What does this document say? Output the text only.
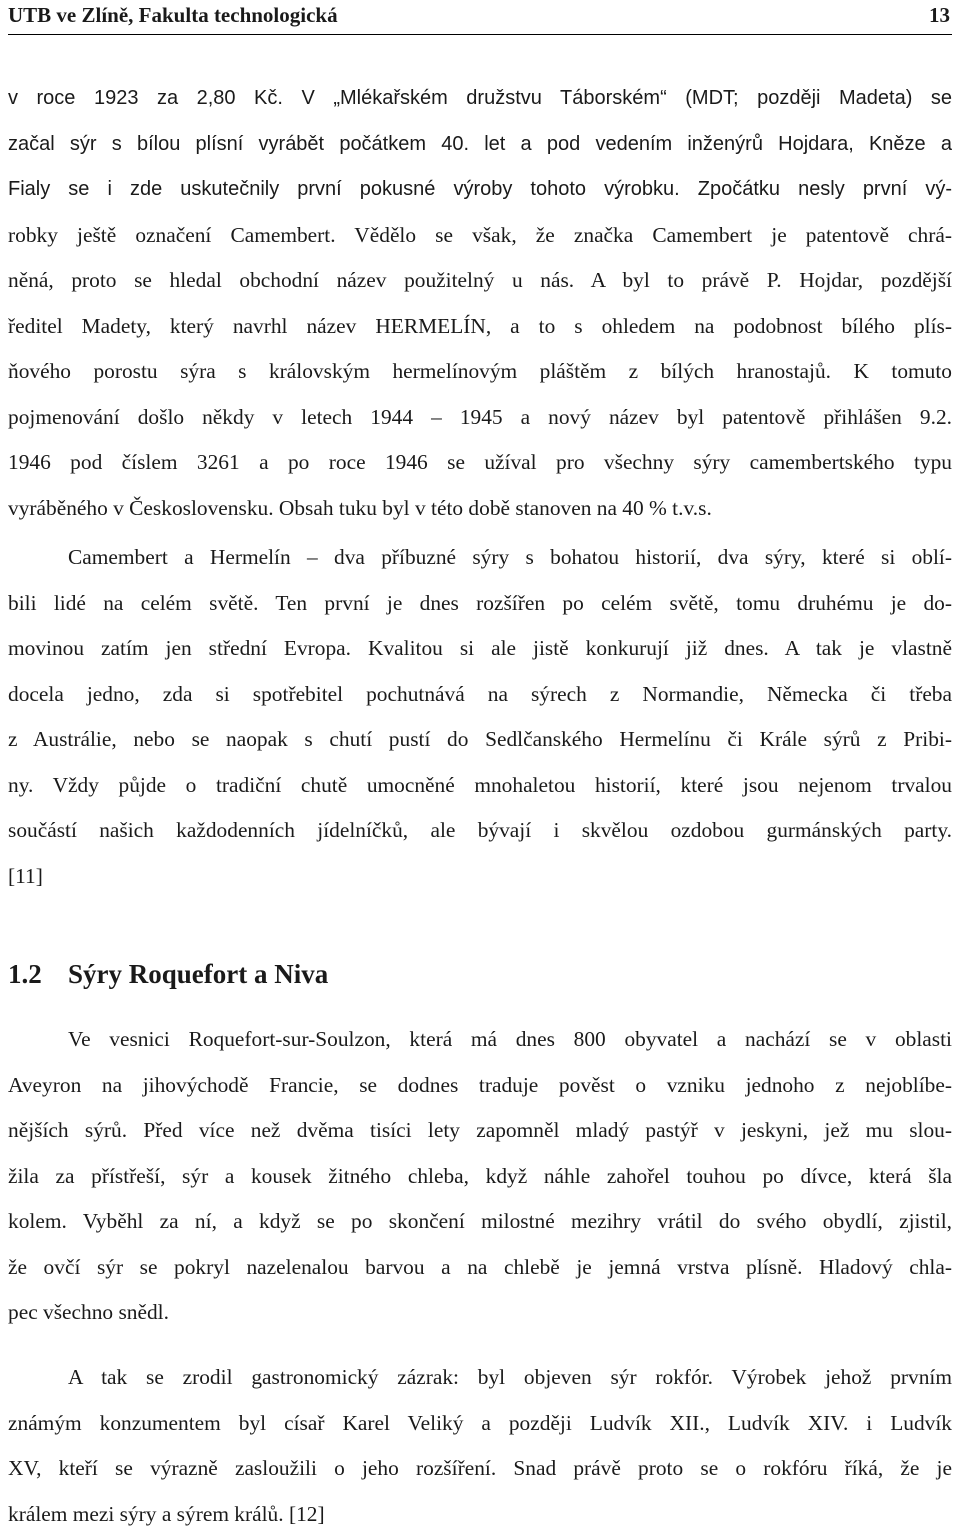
UTB ve Zlíně, Fakulta technologická	13
v roce 1923 za 2,80 Kč. V „Mlékařském družstvu Táborském“ (MDT; později Madeta) se
začal sýr s bílou plísní vyrábět počátkem 40. let a pod vedením inženýrů Hojdara, Kněze a
Fialy se i zde uskutečnily první pokusné výroby tohoto výrobku. Zpočátku nesly první vý-
robky ještě označení Camembert. Vědělo se však, že značka Camembert je patentově chrá-
něná, proto se hledal obchodní název použitelný u nás. A byl to právě P. Hojdar, pozdější
ředitel Madety, který navrhl název HERMELÍN, a to s ohledem na podobnost bílého plís-
ňového porostu sýra s královským hermelínovým pláštěm z bílých hranostajů. K tomuto
pojmenování došlo někdy v letech 1944 – 1945 a nový název byl patentově přihlášen 9.2.
1946 pod číslem 3261 a po roce 1946 se užíval pro všechny sýry camembertského typu
vyráběného v Československu. Obsah tuku byl v této době stanoven na 40 % t.v.s.
Camembert a Hermelín – dva příbuzné sýry s bohatou historií, dva sýry, které si oblí-
bili lidé na celém světě. Ten první je dnes rozšířen po celém světě, tomu druhému je do-
movinou zatím jen střední Evropa. Kvalitou si ale jistě konkurují již dnes. A tak je vlastně
docela jedno, zda si spotřebitel pochutnává na sýrech z Normandie, Německa či třeba
z Austrálie, nebo se naopak s chutí pustí do Sedlčanského Hermelínu či Krále sýrů z Pribi-
ny. Vždy půjde o tradiční chutě umocněné mnohaletou historií, které jsou nejenom trvalou
součástí našich každodenních jídelníčků, ale bývají i skvělou ozdobou gurmánských party.
[11]
1.2 Sýry Roquefort a Niva
Ve vesnici Roquefort-sur-Soulzon, která má dnes 800 obyvatel a nachází se v oblasti
Aveyron na jihovýchodě Francie, se dodnes traduje pověst o vzniku jednoho z nejoblíbe-
nějších sýrů. Před více než dvěma tisíci lety zapomněl mladý pastýř v jeskyni, jež mu slou-
žila za přístřeší, sýr a kousek žitného chleba, když náhle zahořel touhou po dívce, která šla
kolem. Vyběhl za ní, a když se po skončení milostné mezihry vrátil do svého obydlí, zjistil,
že ovčí sýr se pokryl nazelenalou barvou a na chlebě je jemná vrstva plísně. Hladový chla-
pec všechno snědl.
A tak se zrodil gastronomický zázrak: byl objeven sýr rokfór. Výrobek jehož prvním
známým konzumentem byl císař Karel Veliký a později Ludvík XII., Ludvík XIV. i Ludvík
XV, kteří se výrazně zasloužili o jeho rozšíření. Snad právě proto se o rokfóru říká, že je
králem mezi sýry a sýrem králů. [12]
